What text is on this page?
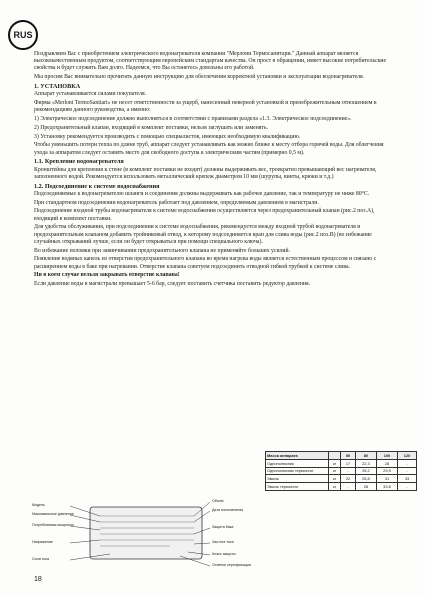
RUS

Поздравляем Вас с приобретением электрического водонагревателя компании "Мерлони Термосанитари." Данный аппарат является высококачественным продуктом, соответствующим европейским стандартам качества. Он прост в обращении, имеет высокие потребительские свойства и будет служить Вам долго. Надеемся, что Вы останетесь довольны его работой.

Мы просим Вас внимательно прочитать данную инструкцию для обеспечения корректной установки и эксплуатации водонагревателя.

1. УСТАНОВКА

Аппарат устанавливается силами покупателя.

Фирма «Merloni TermoSanitari» не несет ответственности за ущерб, нанесенный неверной установкой и пренебрежительным отношением к рекомендациям данного руководства, а именно:

1) Электрическое подсоединение должно выполняться в соответствии с правилами раздела «1.3. Электрическое подсоединение».

2) Предохранительный клапан, входящий в комплект поставки, нельзя заглушать или заменять.

3) Установку рекомендуется производить с помощью специалистов, имеющих необходимую квалификацию.

Чтобы уменьшить потери тепла по длине труб, аппарат следует устанавливать как можно ближе к месту отбора горячей воды. Для облегчения ухода за аппаратом следует оставить место для свободного доступа к электрическим частям (примерно 0,5 м).

1.1. Крепление водонагревателя

Кронштейны для крепления к стене (в комплект поставки не входят) должны выдерживать вес, троекратно превышающий вес нагревателя, заполненного водой. Рекомендуется использовать металлический крепеж диаметром 10 мм (шурупы, винты, крюки и т.д.)

1.2. Подсоединение к системе водоснабжения

Подсоединяемые к водонагревателю шланги и соединения должны выдерживать как рабочее давление, так и температуру не ниже 80°С.

При стандартном подсоединении водонагреватель работает под давлением, определяемым давлением в магистрали.

Подсоединение входной трубы водонагревателя к системе водоснабжения осуществляется через предохранительный клапан (рис.2 поз.А), входящий в комплект поставки.

Для удобства обслуживания, при подсоединении к системе водоснабжения, рекомендуется между входной трубой водонагревателя и предохранительным клапаном добавить тройниковый отвод, к которому подсоединяется кран для слива воды (рис.2 поз.В) (во избежание случайных открываний лучше, если он будет открываться при помощи специального ключа).

Во избежание поломки при завинчивании предохранительного клапана не применяйте больших усилий.

Появление водяных капель из отверстия предохранительного клапана во время нагрева воды является естественным процессом и связано с расширением воды в баке при нагревании. Отверстие клапана советуем подсоединить отводной гибкой трубкой к системе слива.

Ни в коем случае нельзя закрывать отверстие клапана!

Если давление воды в магистрали превышает 5-6 бар, следует поставить счетчика поставить редуктор давления.

Масса аппарата		50	80	100	120
Однополюсник	кг	17	22,3	28	-
Однополюсник термостат	кг	-	25,2	29,9	-
Эмаль	кг	22	25,8	31	33
Эмаль термостат	кг	-	28	33,8	-
Модель
Максимальное давление
Потребляемая мощность
Напряжение
Сила тока
Объем
Дата изготовления
Защита бака
Частота тока
Класс защиты
Отметки сертификации
18
